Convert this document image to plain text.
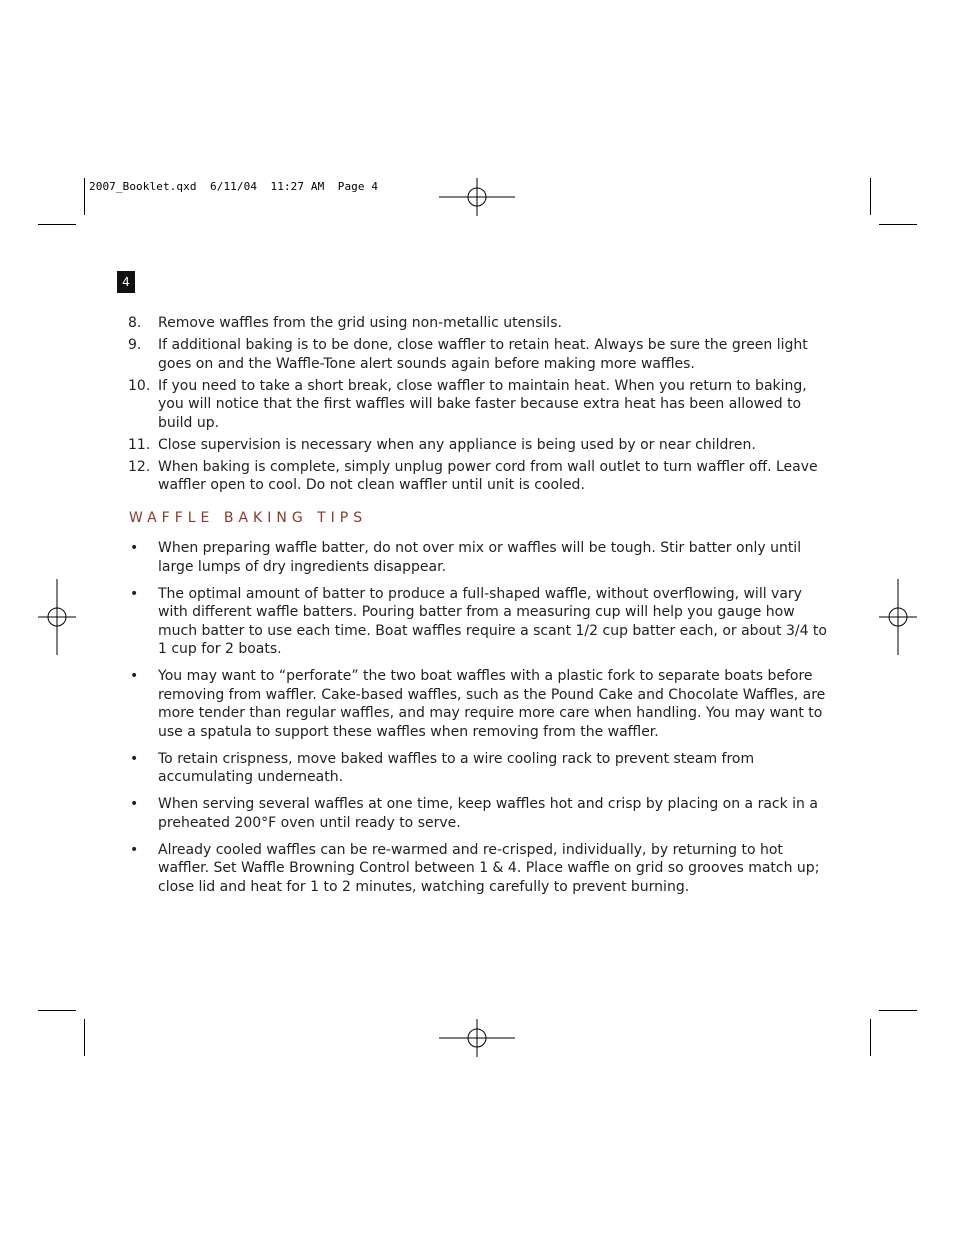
2007_Booklet.qxd  6/11/04  11:27 AM  Page 4
4
8.	Remove waffles from the grid using non-metallic utensils.
9.	If additional baking is to be done, close waffler to retain heat. Always be sure the green light goes on and the Waffle-Tone alert sounds again before making more waffles.
10. If you need to take a short break, close waffler to maintain heat. When you return to baking, you will notice that the first waffles will bake faster because extra heat has been allowed to build up.
11. Close supervision is necessary when any appliance is being used by or near children.
12. When baking is complete, simply unplug power cord from wall outlet to turn waffler off. Leave waffler open to cool. Do not clean waffler until unit is cooled.
WAFFLE BAKING TIPS
•	When preparing waffle batter, do not over mix or waffles will be tough. Stir batter only until large lumps of dry ingredients disappear.
•	The optimal amount of batter to produce a full-shaped waffle, without overflowing, will vary with different waffle batters. Pouring batter from a measuring cup will help you gauge how much batter to use each time. Boat waffles require a scant 1/2 cup batter each, or about 3/4 to 1 cup for 2 boats.
•	You may want to “perforate” the two boat waffles with a plastic fork to separate boats before removing from waffler. Cake-based waffles, such as the Pound Cake and Chocolate Waffles, are more tender than regular waffles, and may require more care when handling. You may want to use a spatula to support these waffles when removing from the waffler.
•	To retain crispness, move baked waffles to a wire cooling rack to prevent steam from accumulating underneath.
•	When serving several waffles at one time, keep waffles hot and crisp by placing on a rack in a preheated 200°F oven until ready to serve.
•	Already cooled waffles can be re-warmed and re-crisped, individually, by returning to hot waffler. Set Waffle Browning Control between 1 & 4. Place waffle on grid so grooves match up; close lid and heat for 1 to 2 minutes, watching carefully to prevent burning.
